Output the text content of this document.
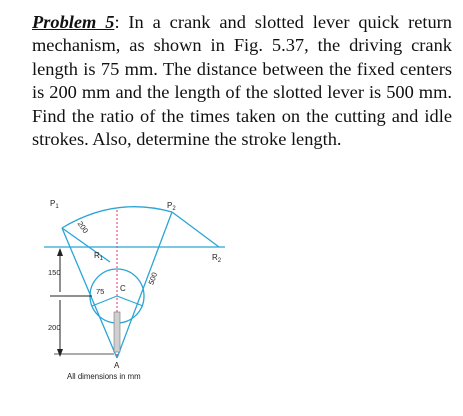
Problem 5: In a crank and slotted lever quick return mechanism, as shown in Fig. 5.37, the driving crank length is 75 mm. The distance between the fixed centers is 200 mm and the length of the slotted lever is 500 mm. Find the ratio of the times taken on the cutting and idle strokes. Also, determine the stroke length.
$P_1$	$P_2$
$R_1$	$R_2$
C
A
200
500
75
150
200
All dimensions in mm
